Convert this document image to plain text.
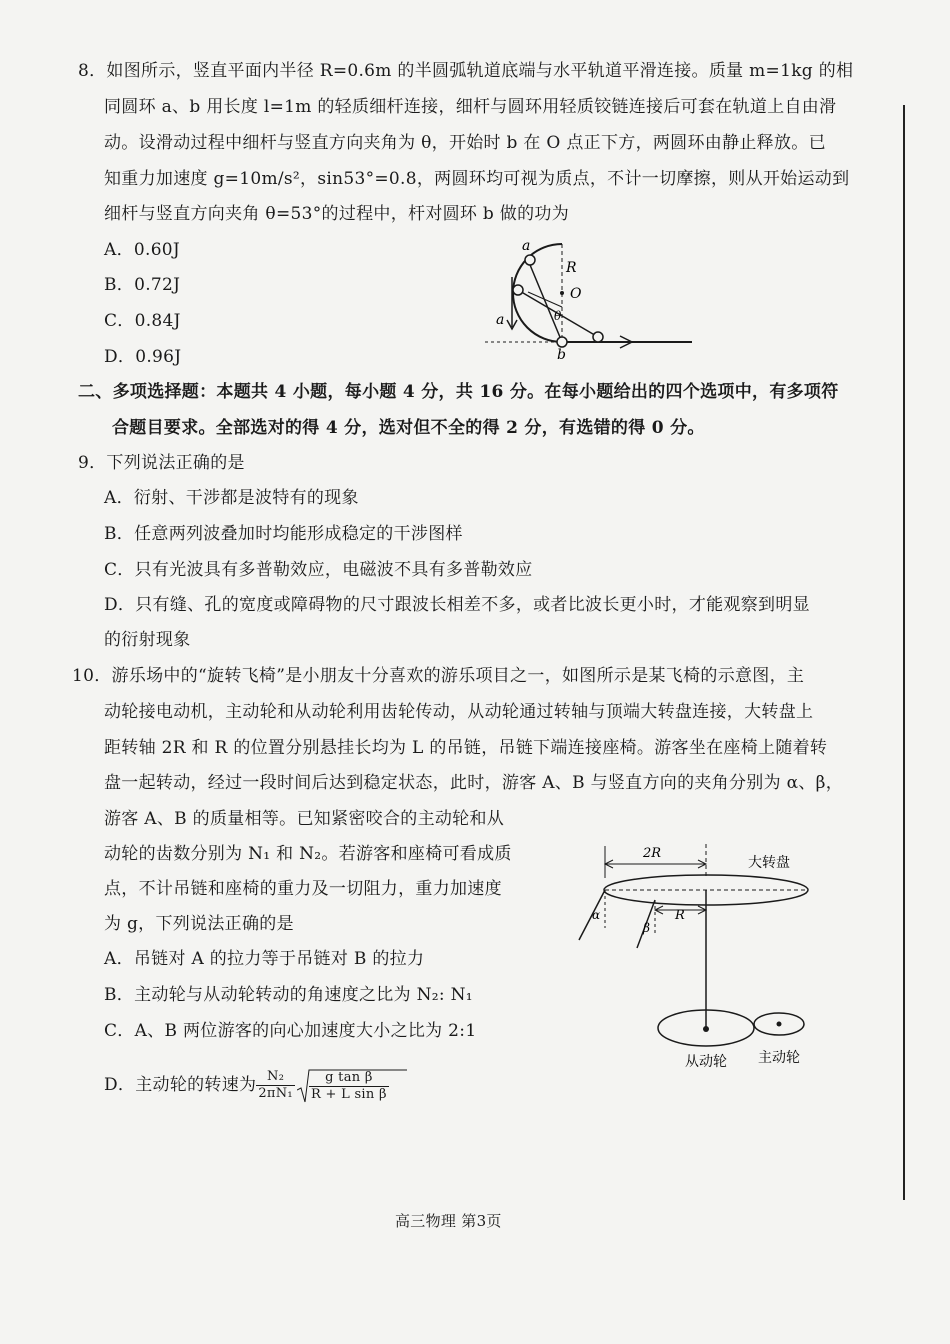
8．如图所示，竖直平面内半径 R=0.6m 的半圆弧轨道底端与水平轨道平滑连接。质量 m=1kg 的相
同圆环 a、b 用长度 l=1m 的轻质细杆连接，细杆与圆环用轻质铰链连接后可套在轨道上自由滑
动。设滑动过程中细杆与竖直方向夹角为 θ，开始时 b 在 O 点正下方，两圆环由静止释放。已
知重力加速度 g=10m/s²，sin53°=0.8，两圆环均可视为质点，不计一切摩擦，则从开始运动到
细杆与竖直方向夹角 θ=53°的过程中，杆对圆环 b 做的功为
A．0.60J
B．0.72J
C．0.84J
D．0.96J
a
b
R
O
θ
a
二、多项选择题：本题共 4 小题，每小题 4 分，共 16 分。在每小题给出的四个选项中，有多项符
合题目要求。全部选对的得 4 分，选对但不全的得 2 分，有选错的得 0 分。
9．下列说法正确的是
A．衍射、干涉都是波特有的现象
B．任意两列波叠加时均能形成稳定的干涉图样
C．只有光波具有多普勒效应，电磁波不具有多普勒效应
D．只有缝、孔的宽度或障碍物的尺寸跟波长相差不多，或者比波长更小时，才能观察到明显
的衍射现象
10．游乐场中的“旋转飞椅”是小朋友十分喜欢的游乐项目之一，如图所示是某飞椅的示意图，主
动轮接电动机，主动轮和从动轮利用齿轮传动，从动轮通过转轴与顶端大转盘连接，大转盘上
距转轴 2R 和 R 的位置分别悬挂长均为 L 的吊链，吊链下端连接座椅。游客坐在座椅上随着转
盘一起转动，经过一段时间后达到稳定状态，此时，游客 A、B 与竖直方向的夹角分别为 α、β，
游客 A、B 的质量相等。已知紧密咬合的主动轮和从
动轮的齿数分别为 N₁ 和 N₂。若游客和座椅可看成质
点，不计吊链和座椅的重力及一切阻力，重力加速度
为 g，下列说法正确的是
A．吊链对 A 的拉力等于吊链对 B 的拉力
B．主动轮与从动轮转动的角速度之比为 N₂: N₁
C．A、B 两位游客的向心加速度大小之比为 2:1
D．主动轮的转速为 $\frac{\text{N₂}}{\text{2πN₁}} \frac{\text{g tan β}}{\text{R + L sin β}}$
2R
大转盘
R
α
β
从动轮 主动轮
高三物理 第3页
